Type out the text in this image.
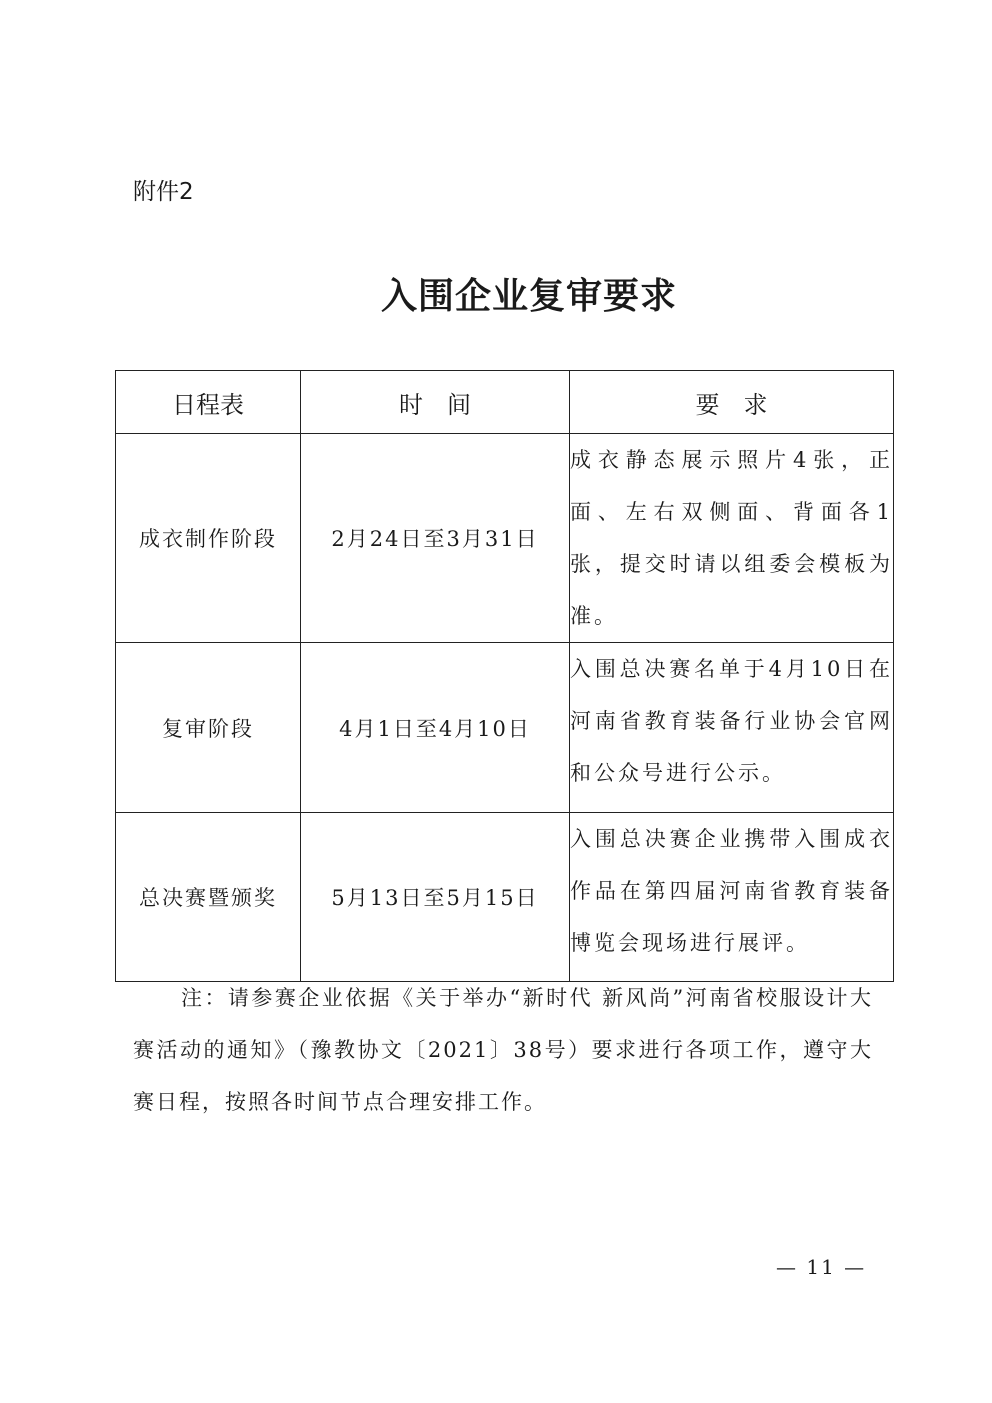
附件2
入围企业复审要求
日程表	时　间	要　求
成衣制作阶段	2月24日至3月31日	成衣静态展示照片4张，正面、左右双侧面、背面各1张，提交时请以组委会模板为准。
复审阶段	4月1日至4月10日	入围总决赛名单于4月10日在河南省教育装备行业协会官网和公众号进行公示。
总决赛暨颁奖	5月13日至5月15日	入围总决赛企业携带入围成衣作品在第四届河南省教育装备博览会现场进行展评。
注：请参赛企业依据《关于举办“新时代 新风尚”河南省校服设计大赛活动的通知》（豫教协文〔2021〕38号）要求进行各项工作，遵守大赛日程，按照各时间节点合理安排工作。
— 11 —
